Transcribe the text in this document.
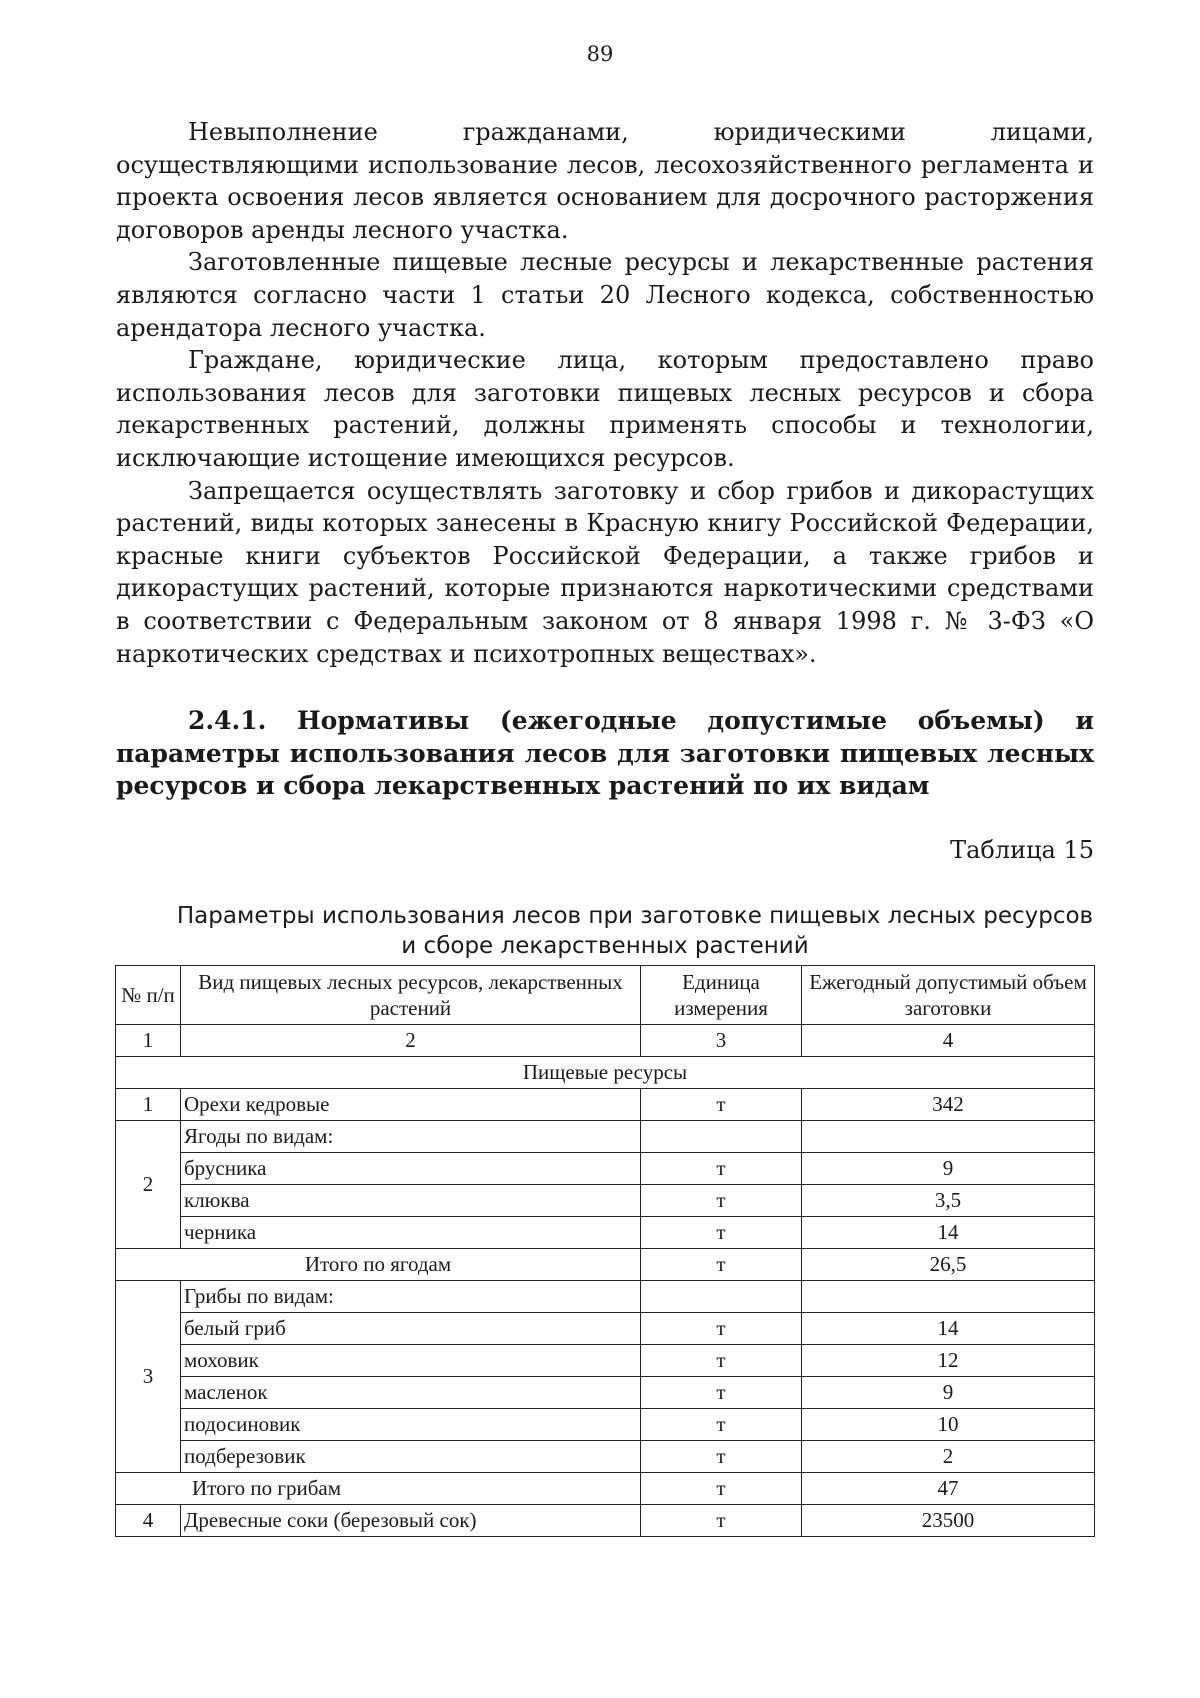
89

Невыполнение гражданами, юридическими лицами, осуществляющими использование лесов, лесохозяйственного регламента и проекта освоения лесов является основанием для досрочного расторжения договоров аренды лесного участка.

Заготовленные пищевые лесные ресурсы и лекарственные растения являются согласно части 1 статьи 20 Лесного кодекса, собственностью арендатора лесного участка.

Граждане, юридические лица, которым предоставлено право использования лесов для заготовки пищевых лесных ресурсов и сбора лекарственных растений, должны применять способы и технологии, исключающие истощение имеющихся ресурсов.

Запрещается осуществлять заготовку и сбор грибов и дикорастущих растений, виды которых занесены в Красную книгу Российской Федерации, красные книги субъектов Российской Федерации, а также грибов и дикорастущих растений, которые признаются наркотическими средствами в соответствии с Федеральным законом от 8 января 1998 г. № 3-ФЗ «О наркотических средствах и психотропных веществах».

2.4.1. Нормативы (ежегодные допустимые объемы) и параметры использования лесов для заготовки пищевых лесных ресурсов и сбора лекарственных растений по их видам
Таблица 15
Параметры использования лесов при заготовке пищевых лесных ресурсов
и сборе лекарственных растений
№ п/п	Вид пищевых лесных ресурсов, лекарственных растений	Единица измерения	Ежегодный допустимый объем заготовки
1	2	3	4
Пищевые ресурсы			
1	Орехи кедровые	т	342
2	Ягоды по видам:		
	брусника	т	9
	клюква	т	3,5
	черника	т	14
Итого по ягодам		т	26,5
3	Грибы по видам:		
	белый гриб	т	14
	моховик	т	12
	масленок	т	9
	подосиновик	т	10
	подберезовик	т	2
Итого по грибам		т	47
4	Древесные соки (березовый сок)	т	23500
